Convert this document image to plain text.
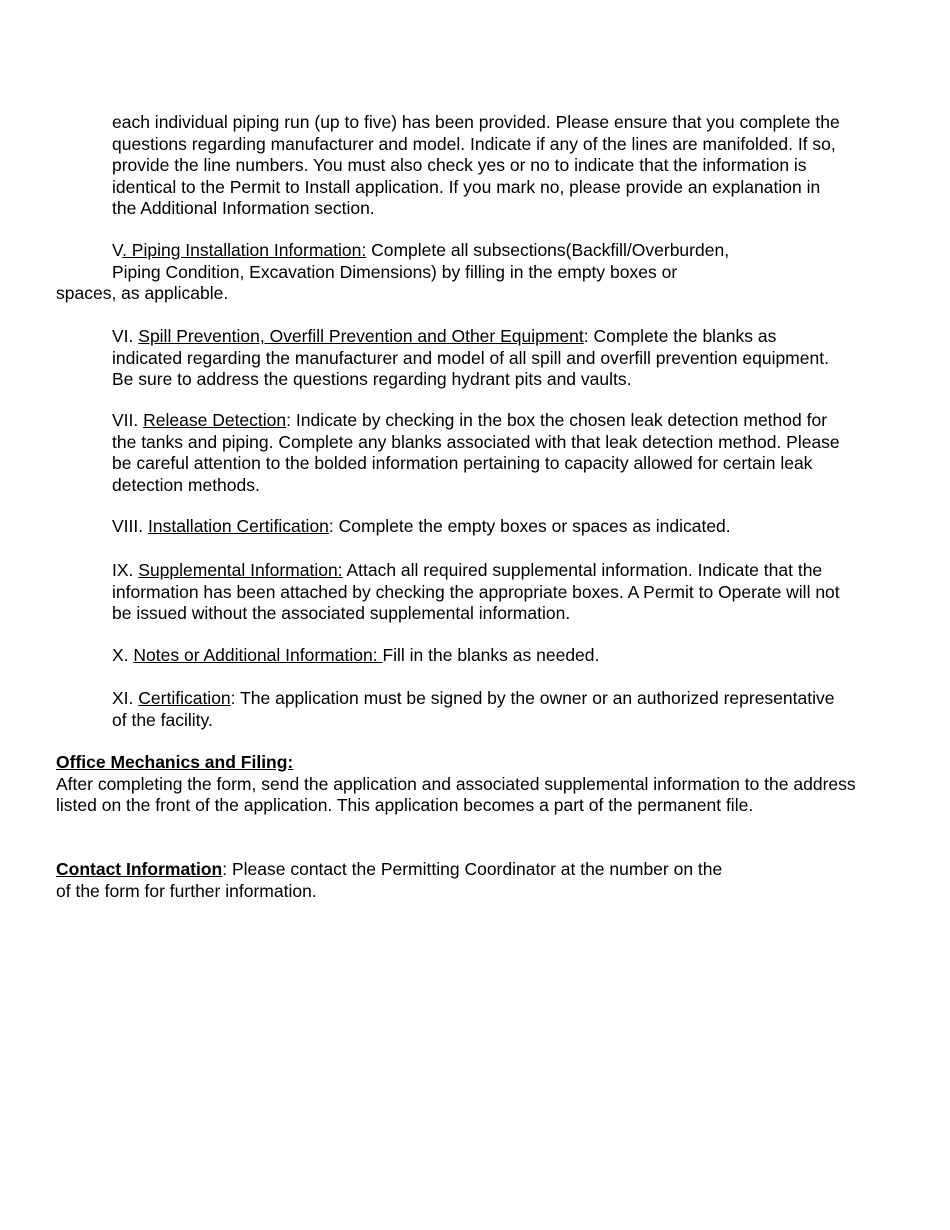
each individual piping run (up to five) has been provided. Please ensure that you complete the questions regarding manufacturer and model. Indicate if any of the lines are manifolded. If so, provide the line numbers. You must also check yes or no to indicate that the information is identical to the Permit to Install application. If you mark no, please provide an explanation in the Additional Information section.

V. Piping Installation Information: Complete all subsections(Backfill/Overburden,
Piping Condition, Excavation Dimensions) by filling in the empty boxes or

spaces, as applicable.

VI. Spill Prevention, Overfill Prevention and Other Equipment: Complete the blanks as indicated regarding the manufacturer and model of all spill and overfill prevention equipment. Be sure to address the questions regarding hydrant pits and vaults.

VII. Release Detection: Indicate by checking in the box the chosen leak detection method for the tanks and piping. Complete any blanks associated with that leak detection method. Please be careful attention to the bolded information pertaining to capacity allowed for certain leak detection methods.

VIII. Installation Certification: Complete the empty boxes or spaces as indicated.

IX. Supplemental Information: Attach all required supplemental information. Indicate that the information has been attached by checking the appropriate boxes. A Permit to Operate will not be issued without the associated supplemental information.

X. Notes or Additional Information: Fill in the blanks as needed.

XI. Certification: The application must be signed by the owner or an authorized representative of the facility.

Office Mechanics and Filing:
After completing the form, send the application and associated supplemental information to the address listed on the front of the application. This application becomes a part of the permanent file.

Contact Information: Please contact the Permitting Coordinator at the number on the
of the form for further information.
